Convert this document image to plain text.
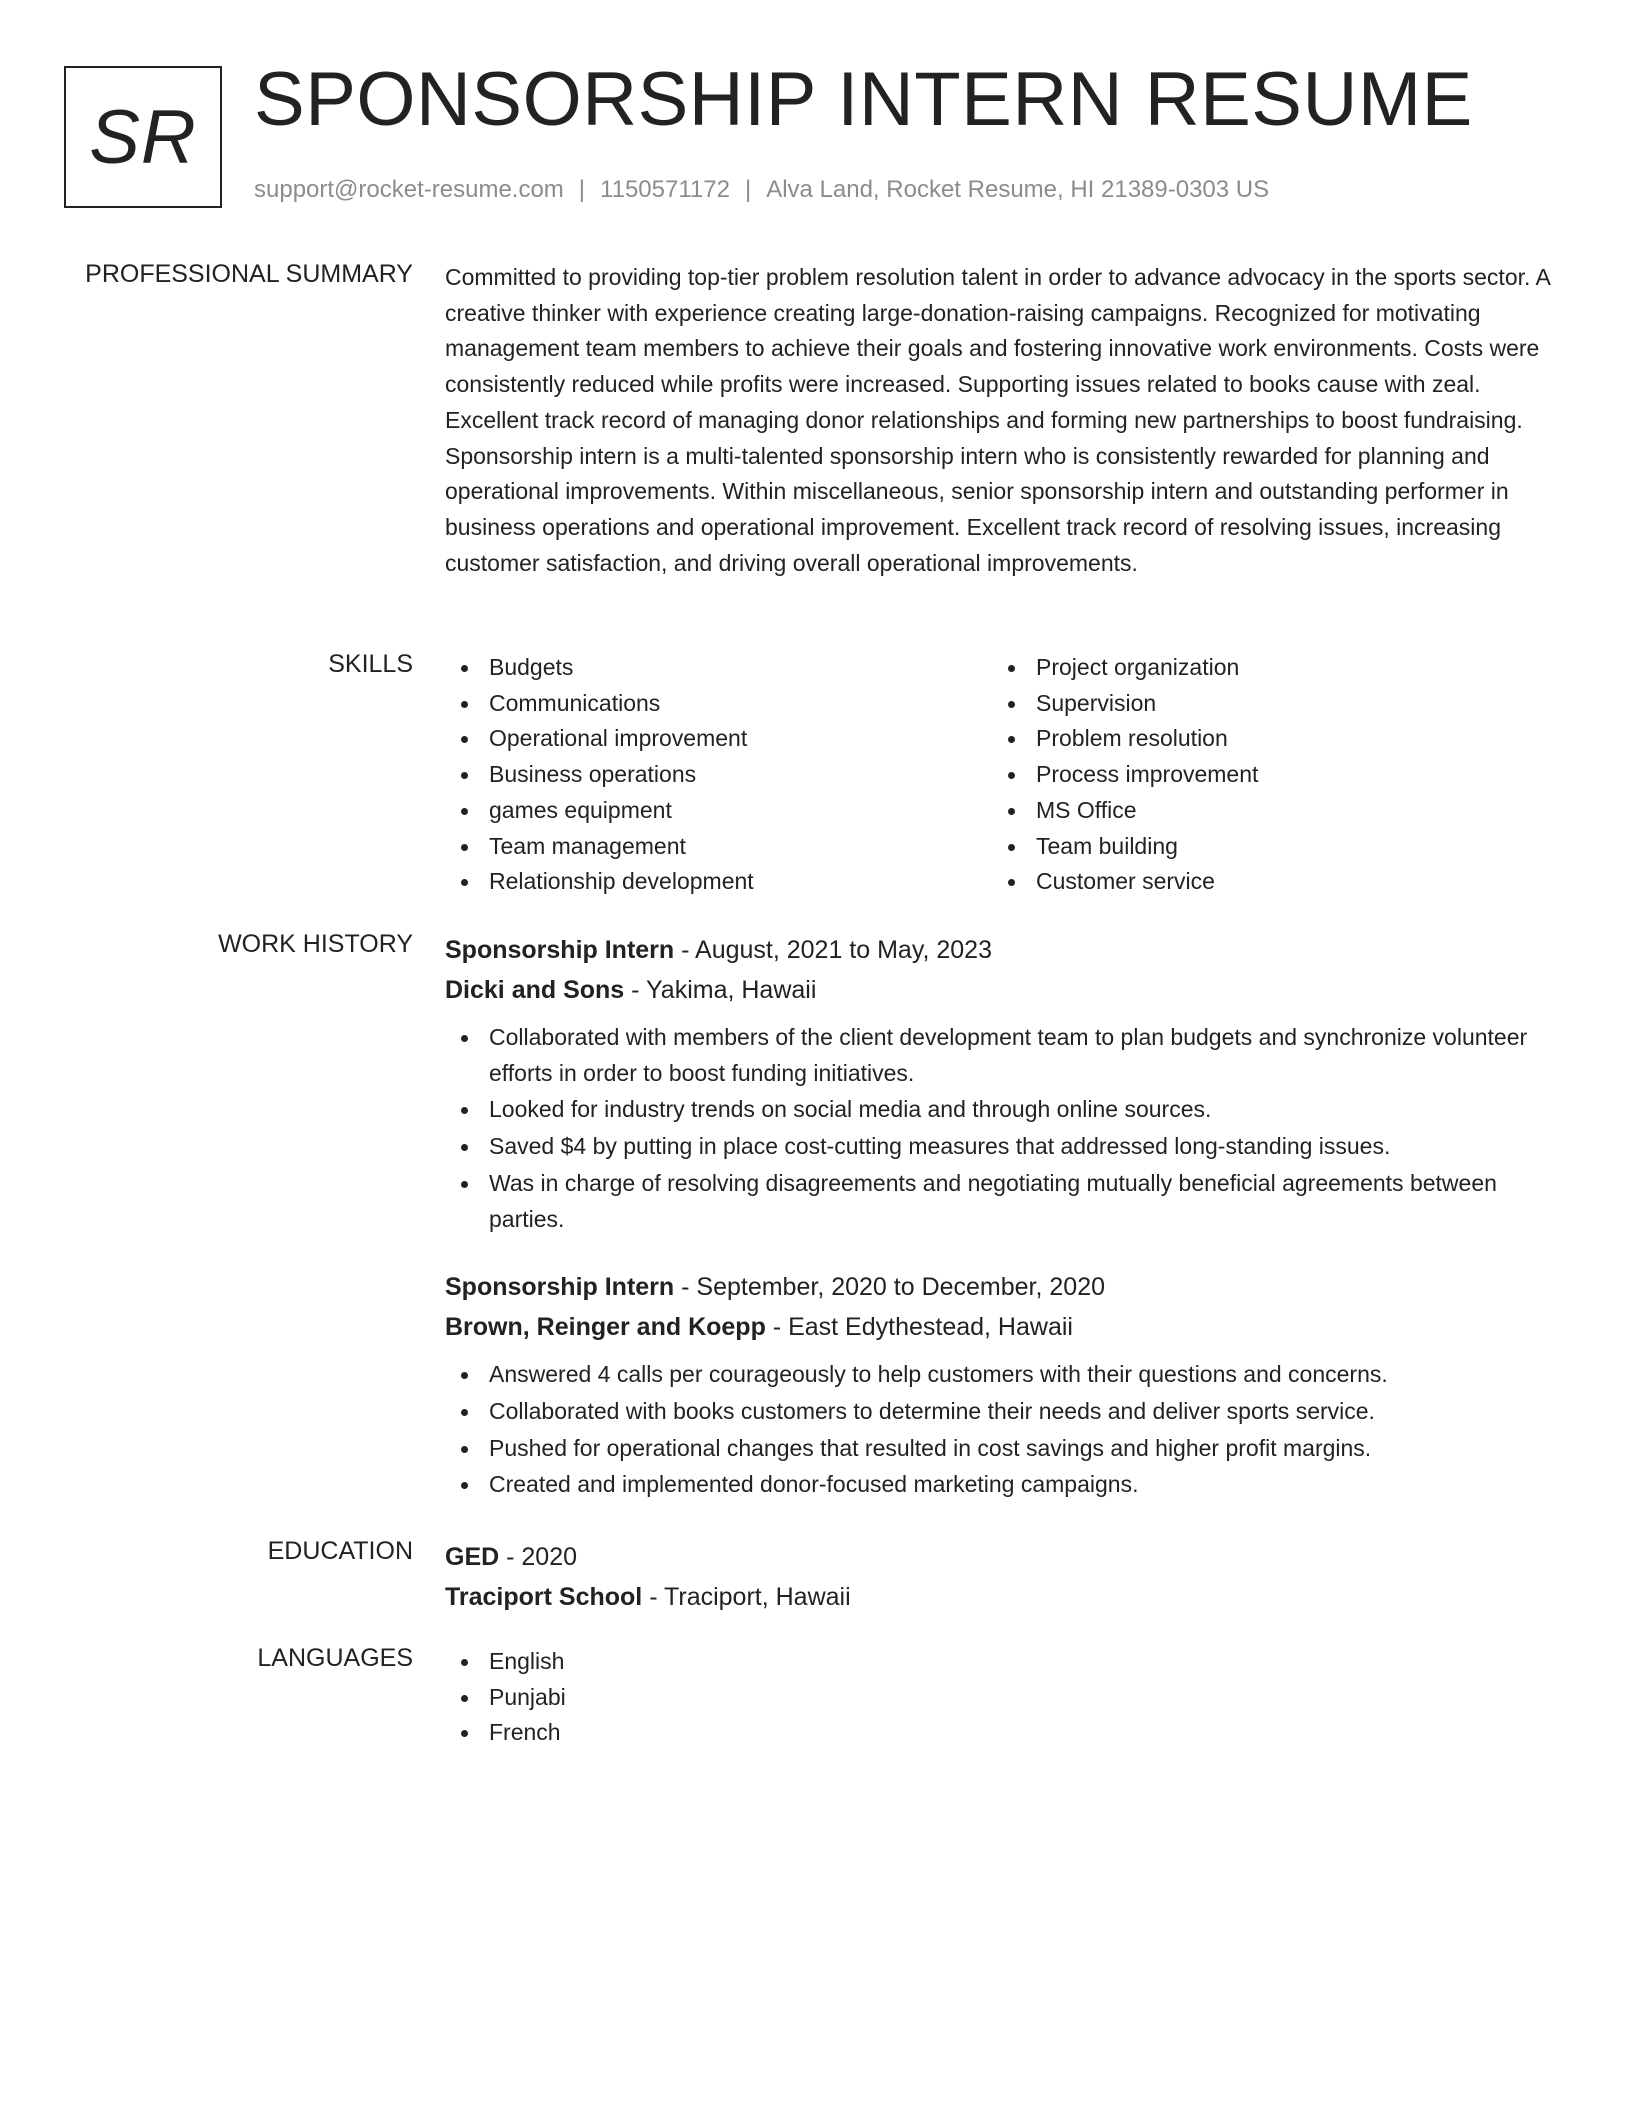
SR SPONSORSHIP INTERN RESUME
support@rocket-resume.com | 1150571172 | Alva Land, Rocket Resume, HI 21389-0303 US
PROFESSIONAL SUMMARY Committed to providing top-tier problem resolution talent in order to advance advocacy in the sports sector. A creative thinker with experience creating large-donation-raising campaigns. Recognized for motivating management team members to achieve their goals and fostering innovative work environments. Costs were consistently reduced while profits were increased. Supporting issues related to books cause with zeal. Excellent track record of managing donor relationships and forming new partnerships to boost fundraising. Sponsorship intern is a multi-talented sponsorship intern who is consistently rewarded for planning and operational improvements. Within miscellaneous, senior sponsorship intern and outstanding performer in business operations and operational improvement. Excellent track record of resolving issues, increasing customer satisfaction, and driving overall operational improvements.
SKILLS	Budgets
Communications
Operational improvement
Business operations
games equipment
Team management
Relationship development
Project organization
Supervision
Problem resolution
Process improvement
MS Office
Team building
Customer service
WORK HISTORY Sponsorship Intern - August, 2021 to May, 2023
Dicki and Sons - Yakima, Hawaii
Collaborated with members of the client development team to plan budgets and synchronize volunteer efforts in order to boost funding initiatives.
Looked for industry trends on social media and through online sources.
Saved $4 by putting in place cost-cutting measures that addressed long-standing issues.
Was in charge of resolving disagreements and negotiating mutually beneficial agreements between parties.
Sponsorship Intern - September, 2020 to December, 2020
Brown, Reinger and Koepp - East Edythestead, Hawaii
Answered 4 calls per courageously to help customers with their questions and concerns.
Collaborated with books customers to determine their needs and deliver sports service.
Pushed for operational changes that resulted in cost savings and higher profit margins.
Created and implemented donor-focused marketing campaigns.
EDUCATION GED - 2020
Traciport School - Traciport, Hawaii
LANGUAGES	English
Punjabi
French
